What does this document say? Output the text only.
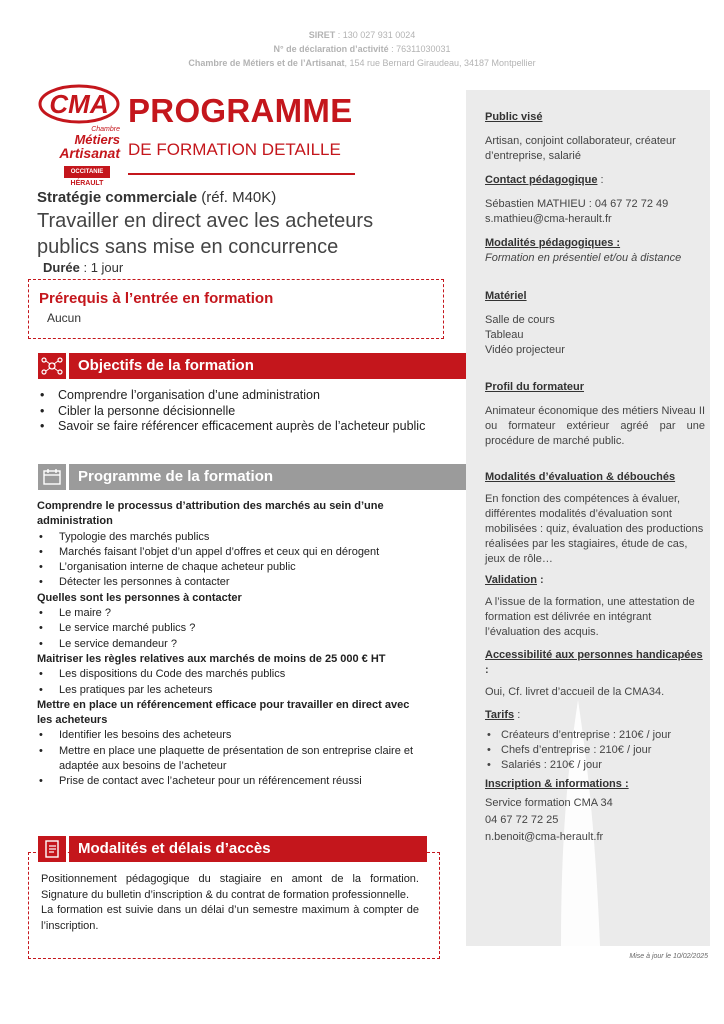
SIRET : 130 027 931 0024
N° de déclaration d’activité : 76311030031
Chambre de Métiers et de l’Artisanat, 154 rue Bernard Giraudeau, 34187 Montpellier
CMA
Chambre
Métiers
Artisanat
OCCITANIE
HÉRAULT
PROGRAMME
DE FORMATION DETAILLE
Stratégie commerciale (réf. M40K)
Travailler en direct avec les acheteurs publics sans mise en concurrence
Durée : 1 jour
Prérequis à l’entrée en formation
Aucun
Objectifs de la formation
• Comprendre l’organisation d’une administration
• Cibler la personne décisionnelle
• Savoir se faire référencer efficacement auprès de l’acheteur public
Programme de la formation
Comprendre le processus d’attribution des marchés au sein d’une administration
• Typologie des marchés publics
• Marchés faisant l’objet d’un appel d’offres et ceux qui en dérogent
• L’organisation interne de chaque acheteur public
• Détecter les personnes à contacter
Quelles sont les personnes à contacter
• Le maire ?
• Le service marché publics ?
• Le service demandeur ?
Maitriser les règles relatives aux marchés de moins de 25 000 € HT
• Les dispositions du Code des marchés publics
• Les pratiques par les acheteurs
Mettre en place un référencement efficace pour travailler en direct avec les acheteurs
• Identifier les besoins des acheteurs
• Mettre en place une plaquette de présentation de son entreprise claire et adaptée aux besoins de l’acheteur
• Prise de contact avec l’acheteur pour un référencement réussi
Modalités et délais d’accès
Positionnement pédagogique du stagiaire en amont de la formation. Signature du bulletin d’inscription & du contrat de formation professionnelle.
La formation est suivie dans un délai d’un semestre maximum à compter de l’inscription.
Public visé
Artisan, conjoint collaborateur, créateur d’entreprise, salarié
Contact pédagogique :
Sébastien MATHIEU : 04 67 72 72 49
s.mathieu@cma-herault.fr
Modalités pédagogiques :
Formation en présentiel et/ou à distance
Matériel
Salle de cours
Tableau
Vidéo projecteur
Profil du formateur
Animateur économique des métiers Niveau II ou formateur extérieur agréé par une procédure de marché public.
Modalités d’évaluation & débouchés
En fonction des compétences à évaluer, différentes modalités d’évaluation sont mobilisées : quiz, évaluation des productions réalisées par les stagiaires, étude de cas, jeux de rôle…
Validation :
A l’issue de la formation, une attestation de formation est délivrée en intégrant l’évaluation des acquis.
Accessibilité aux personnes handicapées :
Oui, Cf. livret d’accueil de la CMA34.
Tarifs :
• Créateurs d’entreprise : 210€ / jour
• Chefs d’entreprise : 210€ / jour
• Salariés : 210€ / jour
Inscription & informations :
Service formation CMA 34
04 67 72 72 25
n.benoit@cma-herault.fr
Mise à jour le 10/02/2025
